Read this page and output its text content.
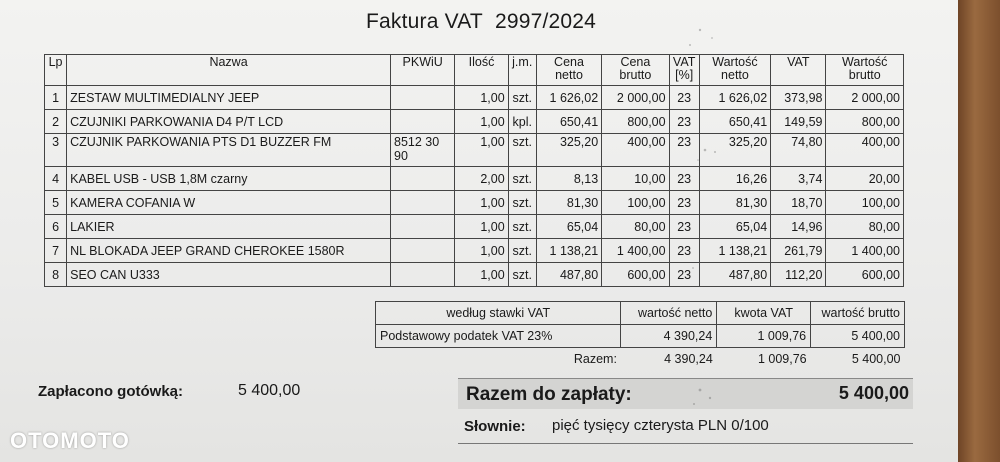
Faktura VAT 2997/2024
Lp	Nazwa	PKWiU	Ilość	j.m.	Cena netto	Cena brutto	VAT [%]	Wartość netto	VAT	Wartość brutto
1	ZESTAW MULTIMEDIALNY JEEP		1,00	szt.	1 626,02	2 000,00	23	1 626,02	373,98	2 000,00
2	CZUJNIKI PARKOWANIA D4 P/T LCD		1,00	kpl.	650,41	800,00	23	650,41	149,59	800,00
3	CZUJNIK PARKOWANIA PTS D1 BUZZER FM	8512 30 90	1,00	szt.	325,20	400,00	23	325,20	74,80	400,00
4	KABEL USB - USB 1,8M czarny		2,00	szt.	8,13	10,00	23	16,26	3,74	20,00
5	KAMERA COFANIA W		1,00	szt.	81,30	100,00	23	81,30	18,70	100,00
6	LAKIER		1,00	szt.	65,04	80,00	23	65,04	14,96	80,00
7	NL BLOKADA JEEP GRAND CHEROKEE 1580R		1,00	szt.	1 138,21	1 400,00	23	1 138,21	261,79	1 400,00
8	SEO CAN U333		1,00	szt.	487,80	600,00	23	487,80	112,20	600,00
według stawki VAT	wartość netto	kwota VAT	wartość brutto
Podstawowy podatek VAT 23%	4 390,24	1 009,76	5 400,00
Razem:	4 390,24	1 009,76	5 400,00
Zapłacono gotówką:	5 400,00	Razem do zapłaty:	5 400,00
Słownie: pięć tysięcy czterysta PLN 0/100
OTOMOTO
